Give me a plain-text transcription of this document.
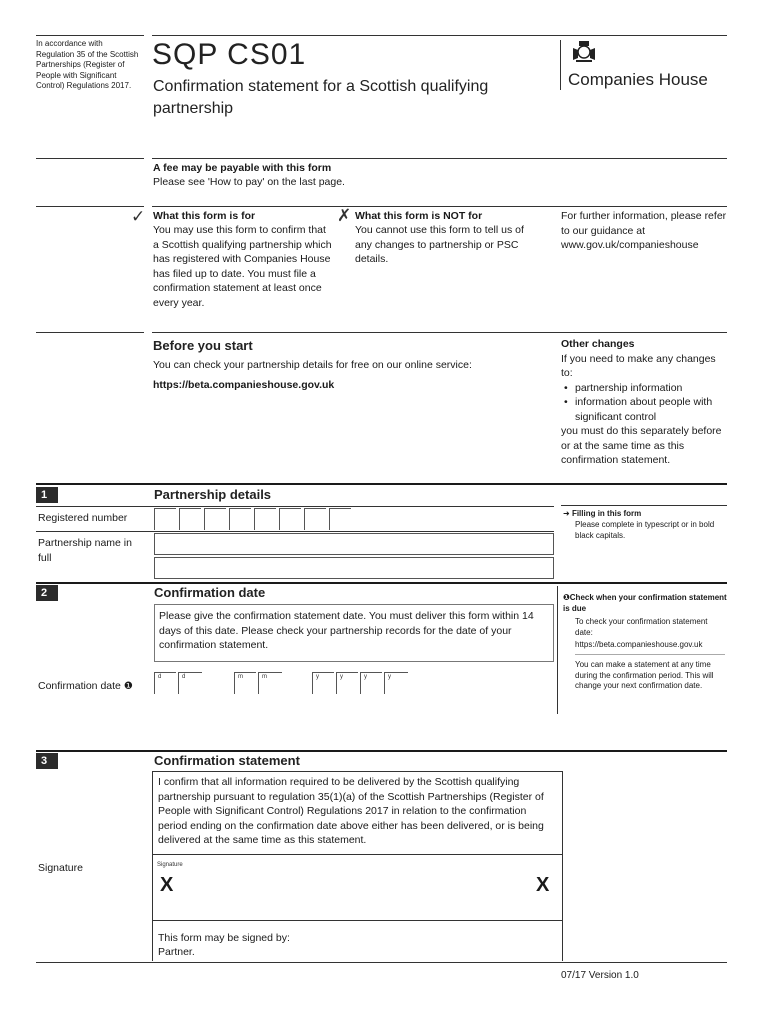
In accordance with Regulation 35 of the Scottish Partnerships (Register of People with Significant Control) Regulations 2017.
SQP CS01
Confirmation statement for a Scottish qualifying partnership
Companies House
A fee may be payable with this form
Please see 'How to pay' on the last page.
✓ What this form is for
You may use this form to confirm that a Scottish qualifying partnership which has registered with Companies House has filed up to date. You must file a confirmation statement at least once every year.
✗ What this form is NOT for
You cannot use this form to tell us of any changes to partnership or PSC details.
For further information, please refer to our guidance at www.gov.uk/companieshouse
Before you start
You can check your partnership details for free on our online service:
https://beta.companieshouse.gov.uk
Other changes
If you need to make any changes to:
• partnership information
• information about people with significant control
you must do this separately before or at the same time as this confirmation statement.
1	Partnership details
Registered number
Partnership name in full
➜ Filling in this form
Please complete in typescript or in bold black capitals.
2	Confirmation date
Please give the confirmation statement date. You must deliver this form within 14 days of this date. Please check your partnership records for the date of your confirmation statement.
Confirmation date ❶
d	d	m	m	y	y	y	y
❶Check when your confirmation statement is due
To check your confirmation statement date:
https://beta.companieshouse.gov.uk
You can make a statement at any time during the confirmation period. This will change your next confirmation date.
3	Confirmation statement
I confirm that all information required to be delivered by the Scottish qualifying partnership pursuant to regulation 35(1)(a) of the Scottish Partnerships (Register of People with Significant Control) Regulations 2017 in relation to the confirmation period ending on the confirmation date above either has been delivered, or is being delivered at the same time as this statement.
Signature	Signature
X	X
This form may be signed by:
Partner.
07/17 Version 1.0
